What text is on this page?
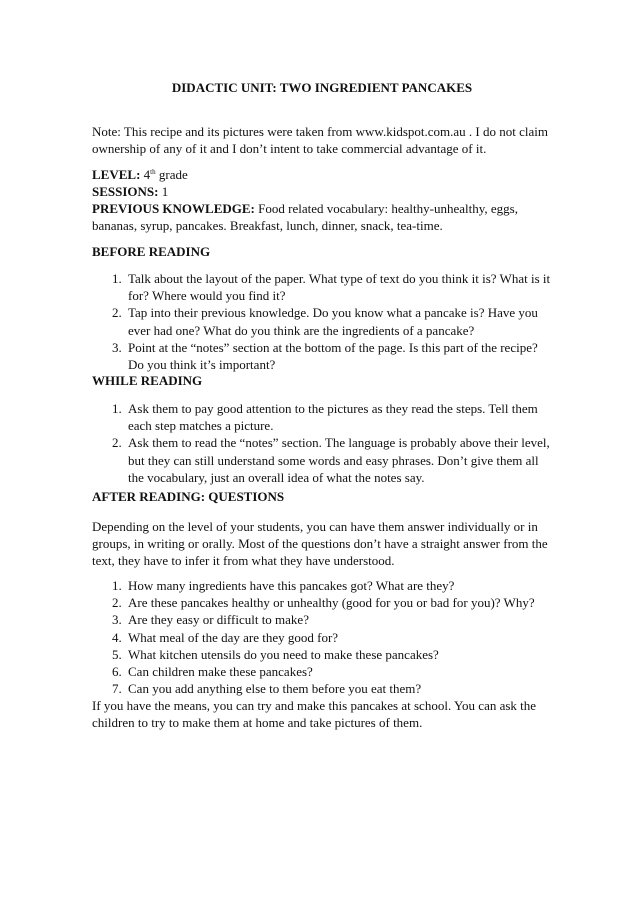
DIDACTIC UNIT: TWO INGREDIENT PANCAKES

Note: This recipe and its pictures were taken from www.kidspot.com.au . I do not claim ownership of any of it and I don’t intent to take commercial advantage of it.

LEVEL: 4th grade
SESSIONS: 1
PREVIOUS KNOWLEDGE: Food related vocabulary: healthy-unhealthy, eggs, bananas, syrup, pancakes. Breakfast, lunch, dinner, snack, tea-time.
BEFORE READING
1. Talk about the layout of the paper. What type of text do you think it is? What is it for? Where would you find it?
2. Tap into their previous knowledge. Do you know what a pancake is? Have you ever had one? What do you think are the ingredients of a pancake?
3. Point at the “notes” section at the bottom of the page. Is this part of the recipe? Do you think it’s important?
WHILE READING
1. Ask them to pay good attention to the pictures as they read the steps. Tell them each step matches a picture.
2. Ask them to read the “notes” section. The language is probably above their level, but they can still understand some words and easy phrases. Don’t give them all the vocabulary, just an overall idea of what the notes say.
AFTER READING: QUESTIONS

Depending on the level of your students, you can have them answer individually or in groups, in writing or orally. Most of the questions don’t have a straight answer from the text, they have to infer it from what they have understood.

1. How many ingredients have this pancakes got? What are they?
2. Are these pancakes healthy or unhealthy (good for you or bad for you)? Why?
3. Are they easy or difficult to make?
4. What meal of the day are they good for?
5. What kitchen utensils do you need to make these pancakes?
6. Can children make these pancakes?
7. Can you add anything else to them before you eat them?

If you have the means, you can try and make this pancakes at school. You can ask the children to try to make them at home and take pictures of them.
